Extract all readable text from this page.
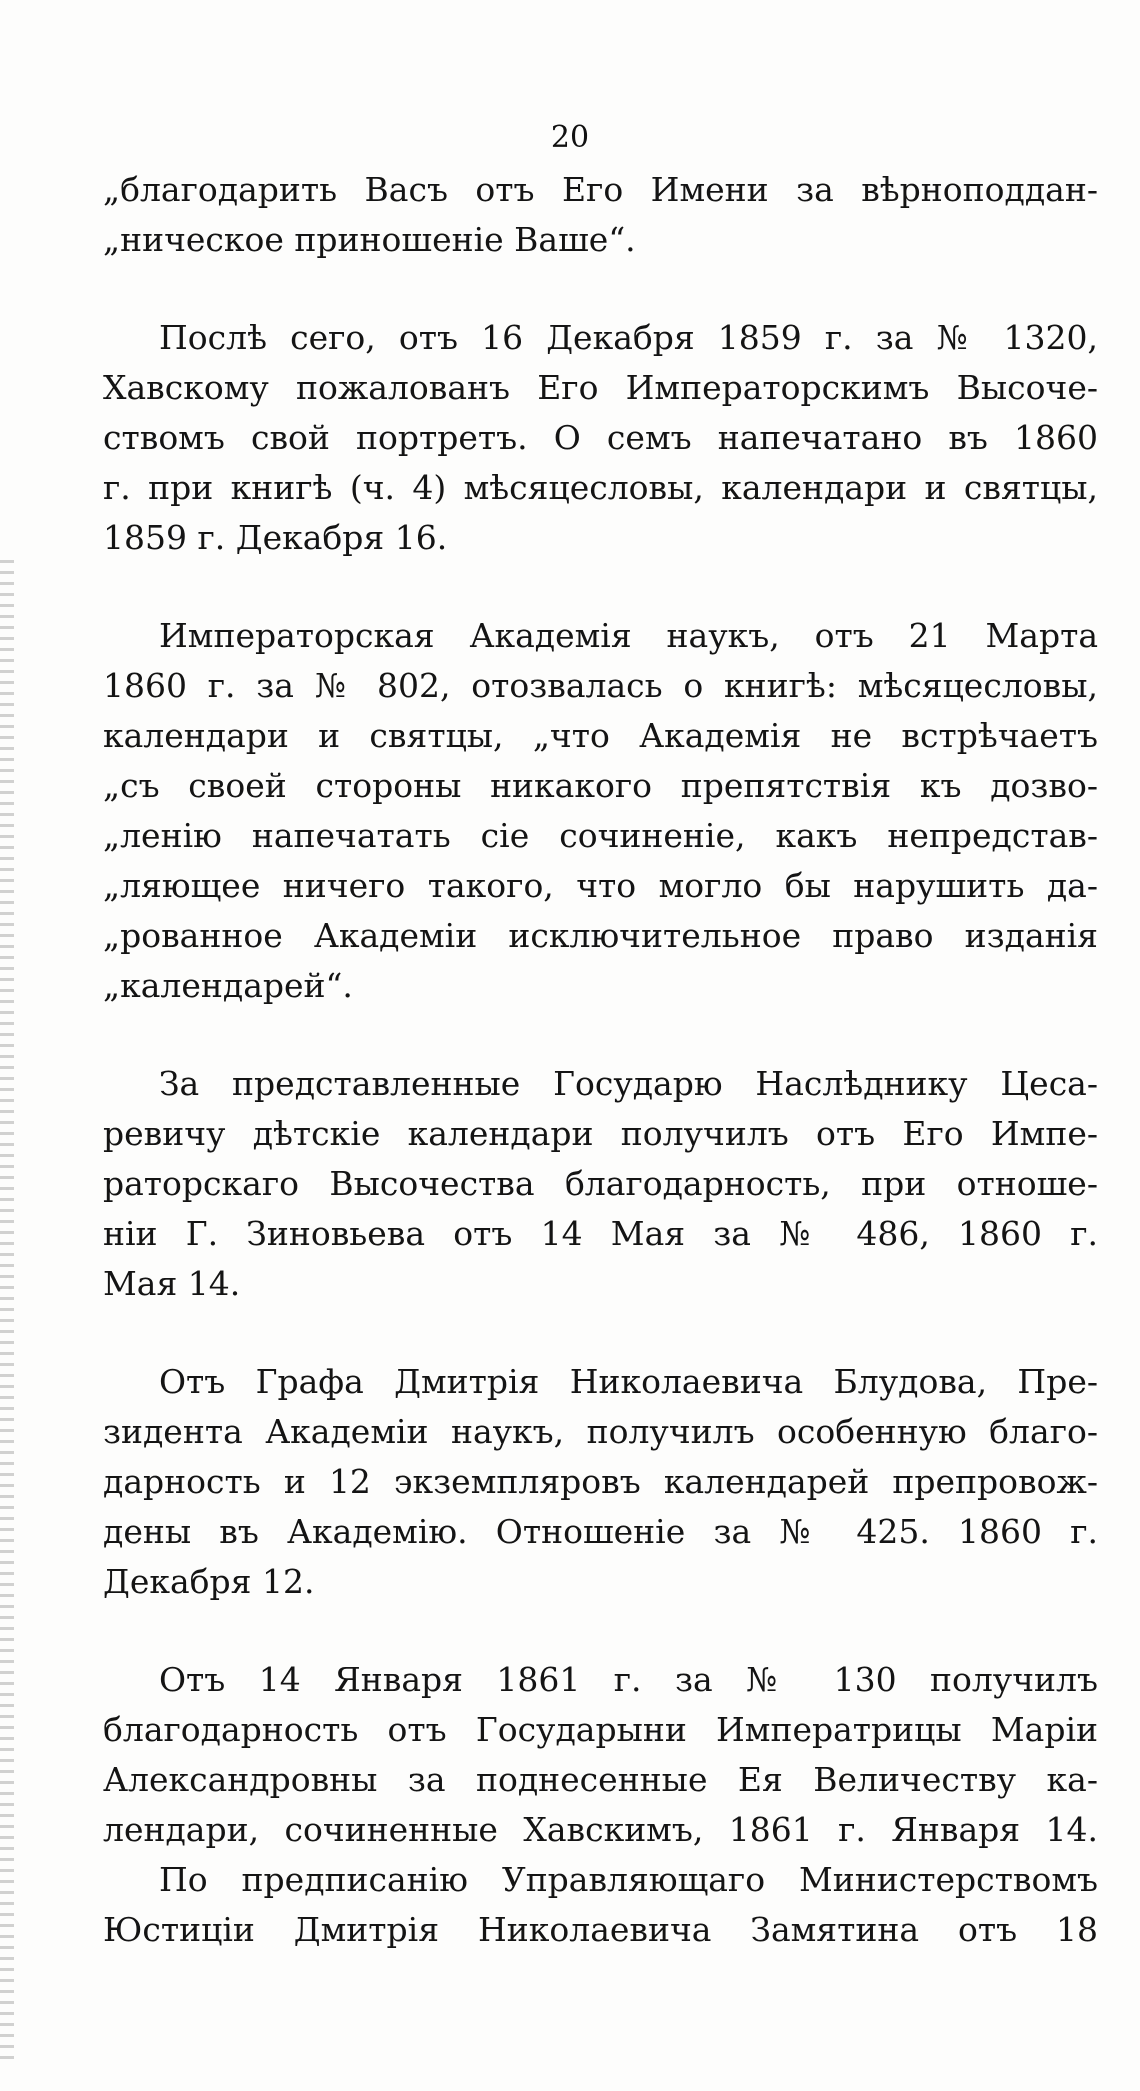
20
„благодарить Васъ отъ Его Имени за вѣрноподдан-
„ническое приношеніе Ваше“.
Послѣ сего, отъ 16 Декабря 1859 г. за № 1320,
Хавскому пожалованъ Его Императорскимъ Высоче-
ствомъ свой портретъ. О семъ напечатано въ 1860
г. при книгѣ (ч. 4) мѣсяцесловы, календари и святцы,
1859 г. Декабря 16.
Императорская Академія наукъ, отъ 21 Марта
1860 г. за № 802, отозвалась о книгѣ: мѣсяцесловы,
календари и святцы, „что Академія не встрѣчаетъ
„съ своей стороны никакого препятствія къ дозво-
„ленію напечатать сіе сочиненіе, какъ непредстав-
„ляющее ничего такого, что могло бы нарушить да-
„рованное Академіи исключительное право изданія
„календарей“.
За представленные Государю Наслѣднику Цеса-
ревичу дѣтскіе календари получилъ отъ Его Импе-
раторскаго Высочества благодарность, при отноше-
ніи Г. Зиновьева отъ 14 Мая за № 486, 1860 г.
Мая 14.
Отъ Графа Дмитрія Николаевича Блудова, Пре-
зидента Академіи наукъ, получилъ особенную благо-
дарность и 12 экземпляровъ календарей препровож-
дены въ Академію. Отношеніе за № 425. 1860 г.
Декабря 12.
Отъ 14 Января 1861 г. за № 130 получилъ
благодарность отъ Государыни Императрицы Маріи
Александровны за поднесенные Ея Величеству ка-
лендари, сочиненные Хавскимъ, 1861 г. Января 14.
По предписанію Управляющаго Министерствомъ
Юстиціи Дмитрія Николаевича Замятина отъ 18
